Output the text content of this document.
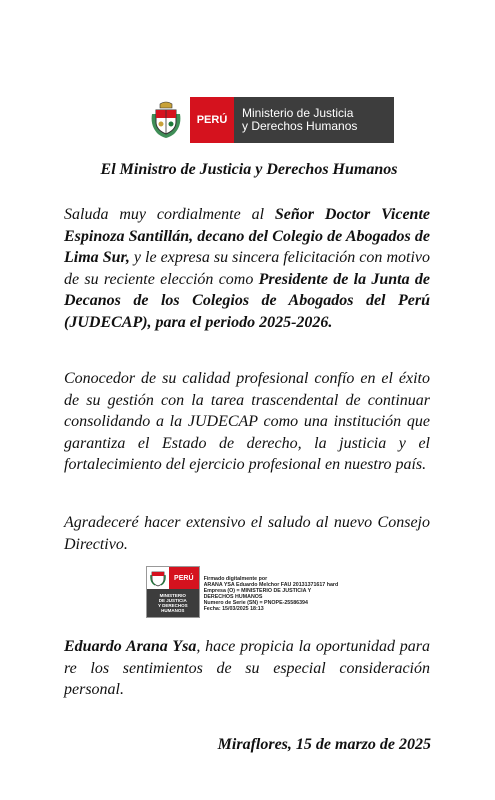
PERÚ	Ministerio de Justicia
y Derechos Humanos
El Ministro de Justicia y Derechos Humanos
Saluda muy cordialmente al Señor Doctor Vicente Espinoza Santillán, decano del Colegio de Abogados de Lima Sur, y le expresa su sincera felicitación con motivo de su reciente elección como Presidente de la Junta de Decanos de los Colegios de Abogados del Perú (JUDECAP), para el periodo 2025-2026.
Conocedor de su calidad profesional confío en el éxito de su gestión con la tarea trascendental de continuar consolidando a la JUDECAP como una institución que garantiza el Estado de derecho, la justicia y el fortalecimiento del ejercicio profesional en nuestro país.
Agradeceré hacer extensivo el saludo al nuevo Consejo Directivo.
PERÚ
MINISTERIO
DE JUSTICIA
Y DERECHOS
HUMANOS
Firmado digitalmente por
ARANA YSA Eduardo Melchor FAU 20131371617 hard
Empresa (O) = MINISTERIO DE JUSTICIA Y
DERECHOS HUMANOS
Numero de Serie (SN) = PNOPE-25586394
Fecha: 15/03/2025 18:13
Eduardo Arana Ysa, hace propicia la oportunidad para re los sentimientos de su especial consideración personal.
Miraflores, 15 de marzo de 2025
